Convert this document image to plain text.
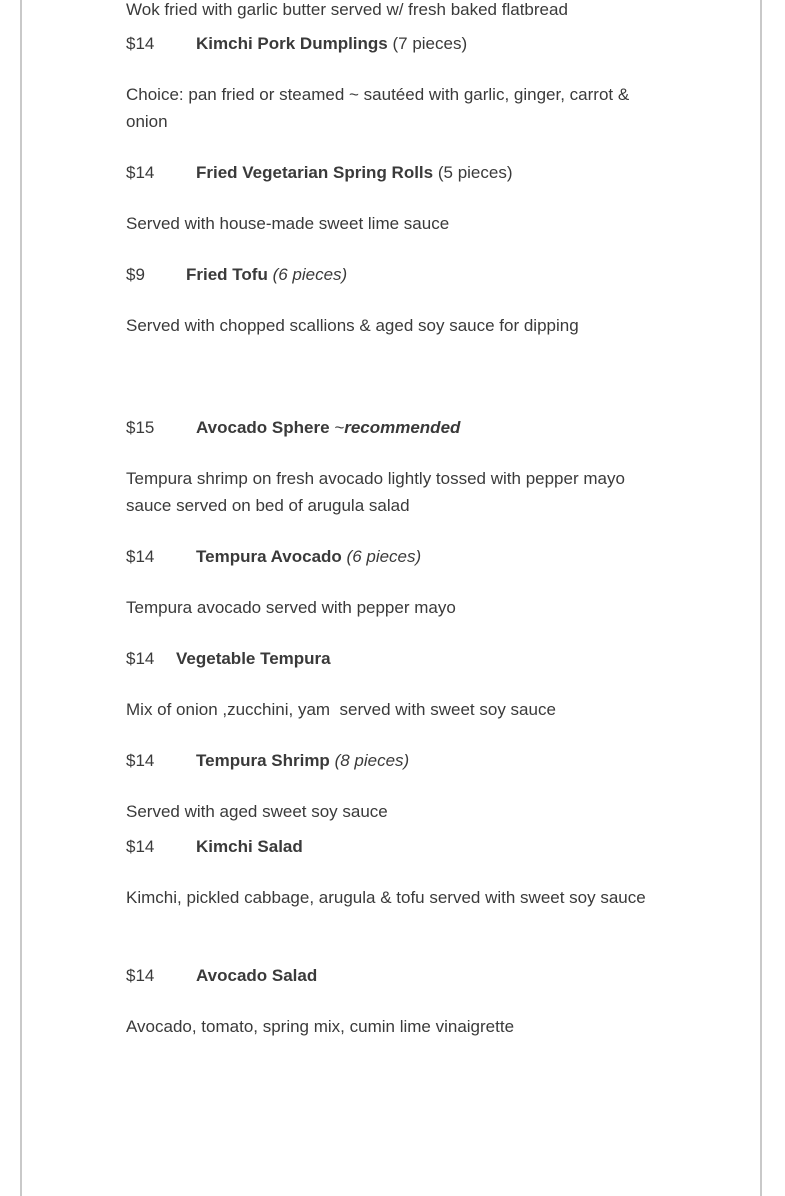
Wok fried with garlic butter served w/ fresh baked flatbread
$14 Kimchi Pork Dumplings (7 pieces)
Choice: pan fried or steamed ~ sautéed with garlic, ginger, carrot & onion
$14 Fried Vegetarian Spring Rolls (5 pieces)
Served with house-made sweet lime sauce
$9 Fried Tofu (6 pieces)
Served with chopped scallions & aged soy sauce for dipping
$15 Avocado Sphere ~recommended
Tempura shrimp on fresh avocado lightly tossed with pepper mayo sauce served on bed of arugula salad
$14 Tempura Avocado (6 pieces)
Tempura avocado served with pepper mayo
$14 Vegetable Tempura
Mix of onion ,zucchini, yam  served with sweet soy sauce
$14 Tempura Shrimp (8 pieces)
Served with aged sweet soy sauce
$14 Kimchi Salad
Kimchi, pickled cabbage, arugula & tofu served with sweet soy sauce
$14 Avocado Salad
Avocado, tomato, spring mix, cumin lime vinaigrette
